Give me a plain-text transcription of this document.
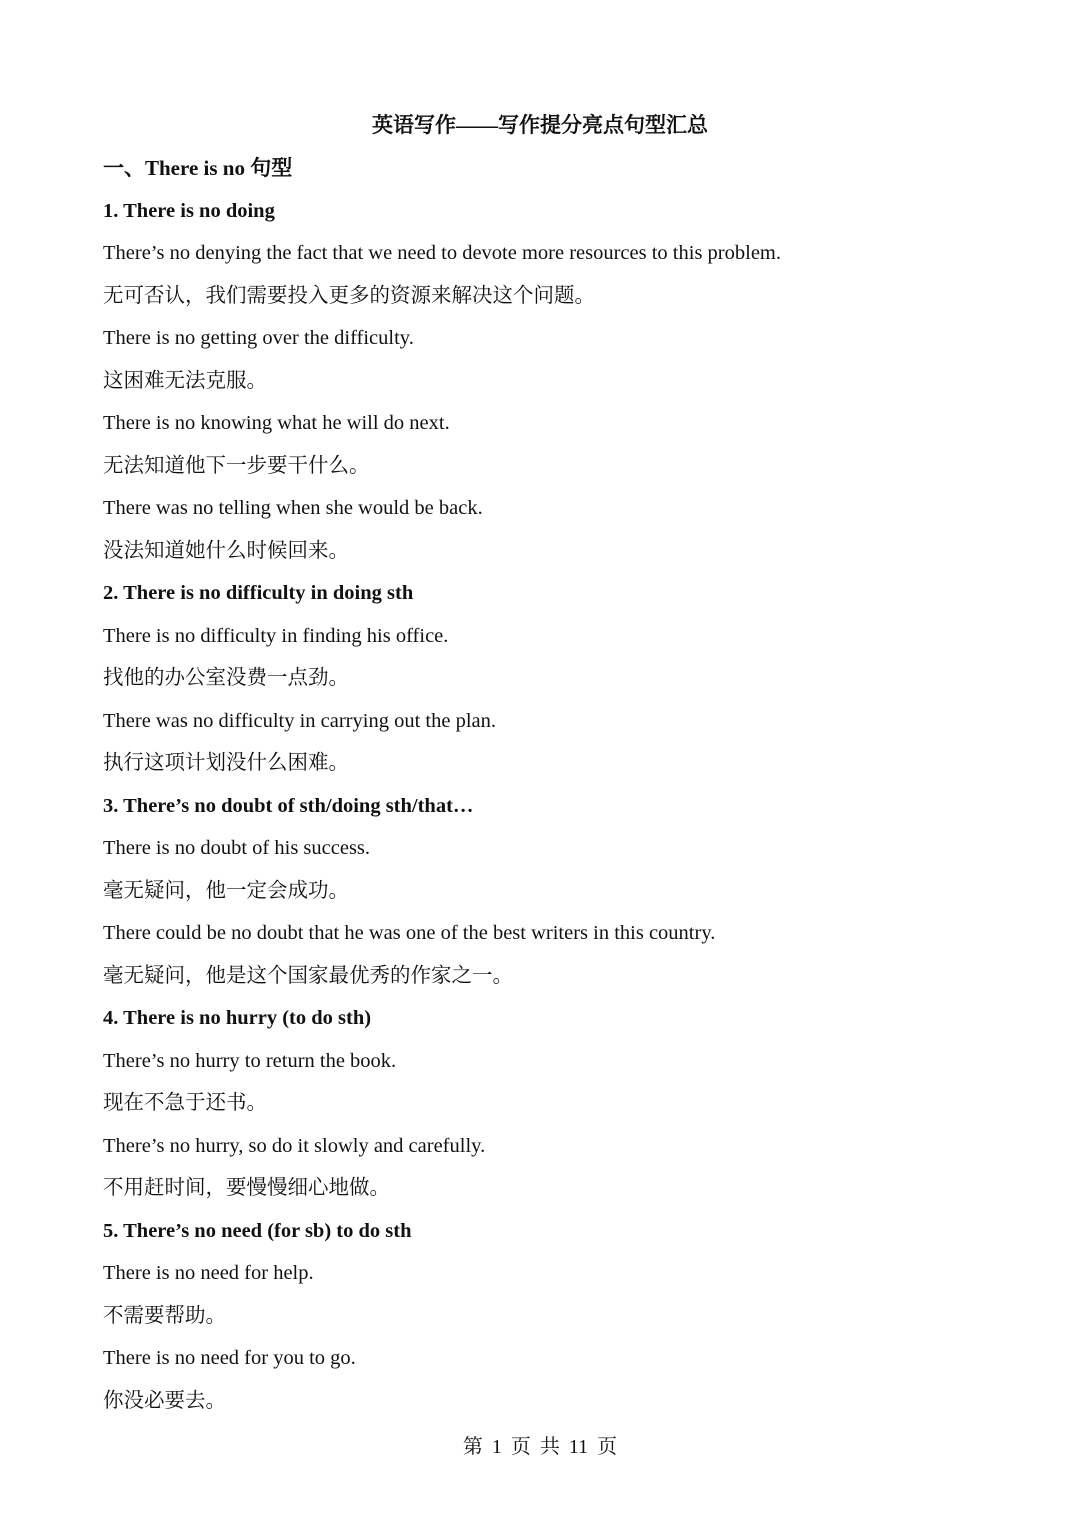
英语写作——写作提分亮点句型汇总
一、There is no 句型
1. There is no doing
There’s no denying the fact that we need to devote more resources to this problem.
无可否认，我们需要投入更多的资源来解决这个问题。
There is no getting over the difficulty.
这困难无法克服。
There is no knowing what he will do next.
无法知道他下一步要干什么。
There was no telling when she would be back.
没法知道她什么时候回来。
2. There is no difficulty in doing sth
There is no difficulty in finding his office.
找他的办公室没费一点劲。
There was no difficulty in carrying out the plan.
执行这项计划没什么困难。
3. There’s no doubt of sth/doing sth/that…
There is no doubt of his success.
毫无疑问，他一定会成功。
There could be no doubt that he was one of the best writers in this country.
毫无疑问，他是这个国家最优秀的作家之一。
4. There is no hurry (to do sth)
There’s no hurry to return the book.
现在不急于还书。
There’s no hurry, so do it slowly and carefully.
不用赶时间，要慢慢细心地做。
5. There’s no need (for sb) to do sth
There is no need for help.
不需要帮助。
There is no need for you to go.
你没必要去。
第 1 页 共 11 页
